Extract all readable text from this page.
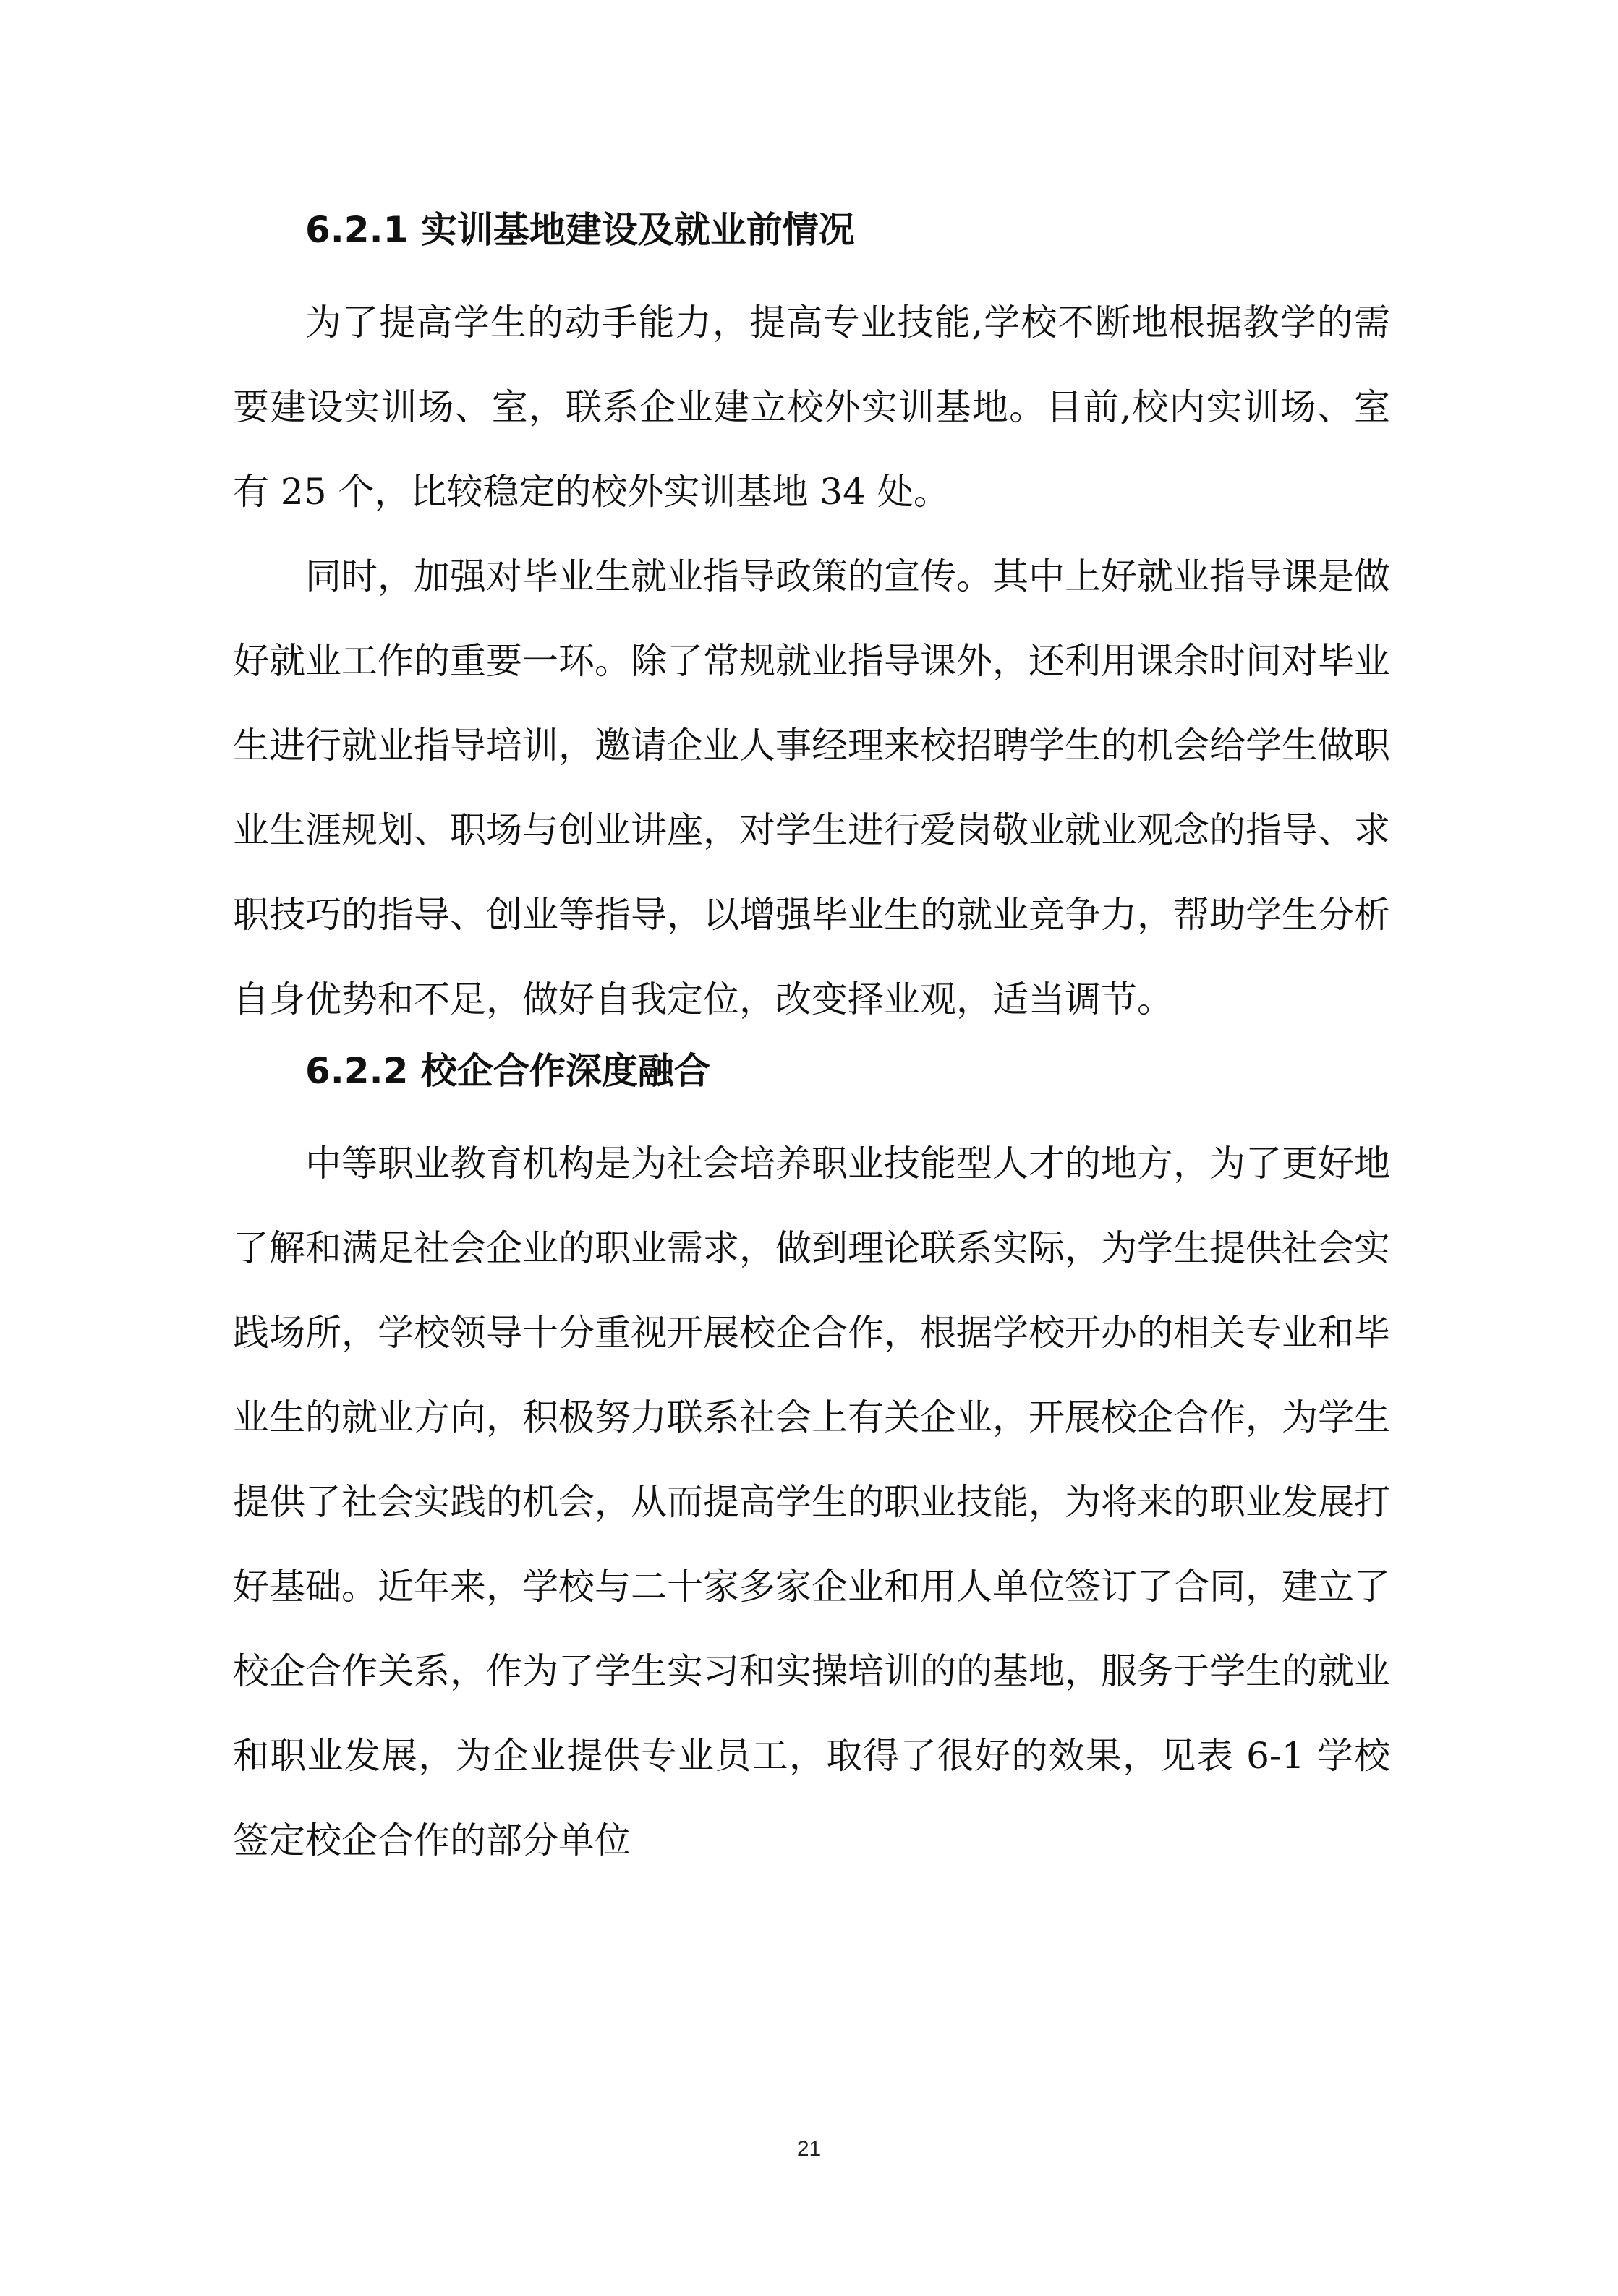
6.2.1 实训基地建设及就业前情况

为了提高学生的动手能力，提高专业技能,学校不断地根据教学的需要建设实训场、室，联系企业建立校外实训基地。目前,校内实训场、室有 25 个，比较稳定的校外实训基地 34 处。

同时，加强对毕业生就业指导政策的宣传。其中上好就业指导课是做好就业工作的重要一环。除了常规就业指导课外，还利用课余时间对毕业生进行就业指导培训，邀请企业人事经理来校招聘学生的机会给学生做职业生涯规划、职场与创业讲座，对学生进行爱岗敬业就业观念的指导、求职技巧的指导、创业等指导，以增强毕业生的就业竞争力，帮助学生分析自身优势和不足，做好自我定位，改变择业观，适当调节。

6.2.2 校企合作深度融合

中等职业教育机构是为社会培养职业技能型人才的地方，为了更好地了解和满足社会企业的职业需求，做到理论联系实际，为学生提供社会实践场所，学校领导十分重视开展校企合作，根据学校开办的相关专业和毕业生的就业方向，积极努力联系社会上有关企业，开展校企合作，为学生提供了社会实践的机会，从而提高学生的职业技能，为将来的职业发展打好基础。近年来，学校与二十家多家企业和用人单位签订了合同，建立了校企合作关系，作为了学生实习和实操培训的的基地，服务于学生的就业和职业发展，为企业提供专业员工，取得了很好的效果，见表 6-1 学校签定校企合作的部分单位

21
